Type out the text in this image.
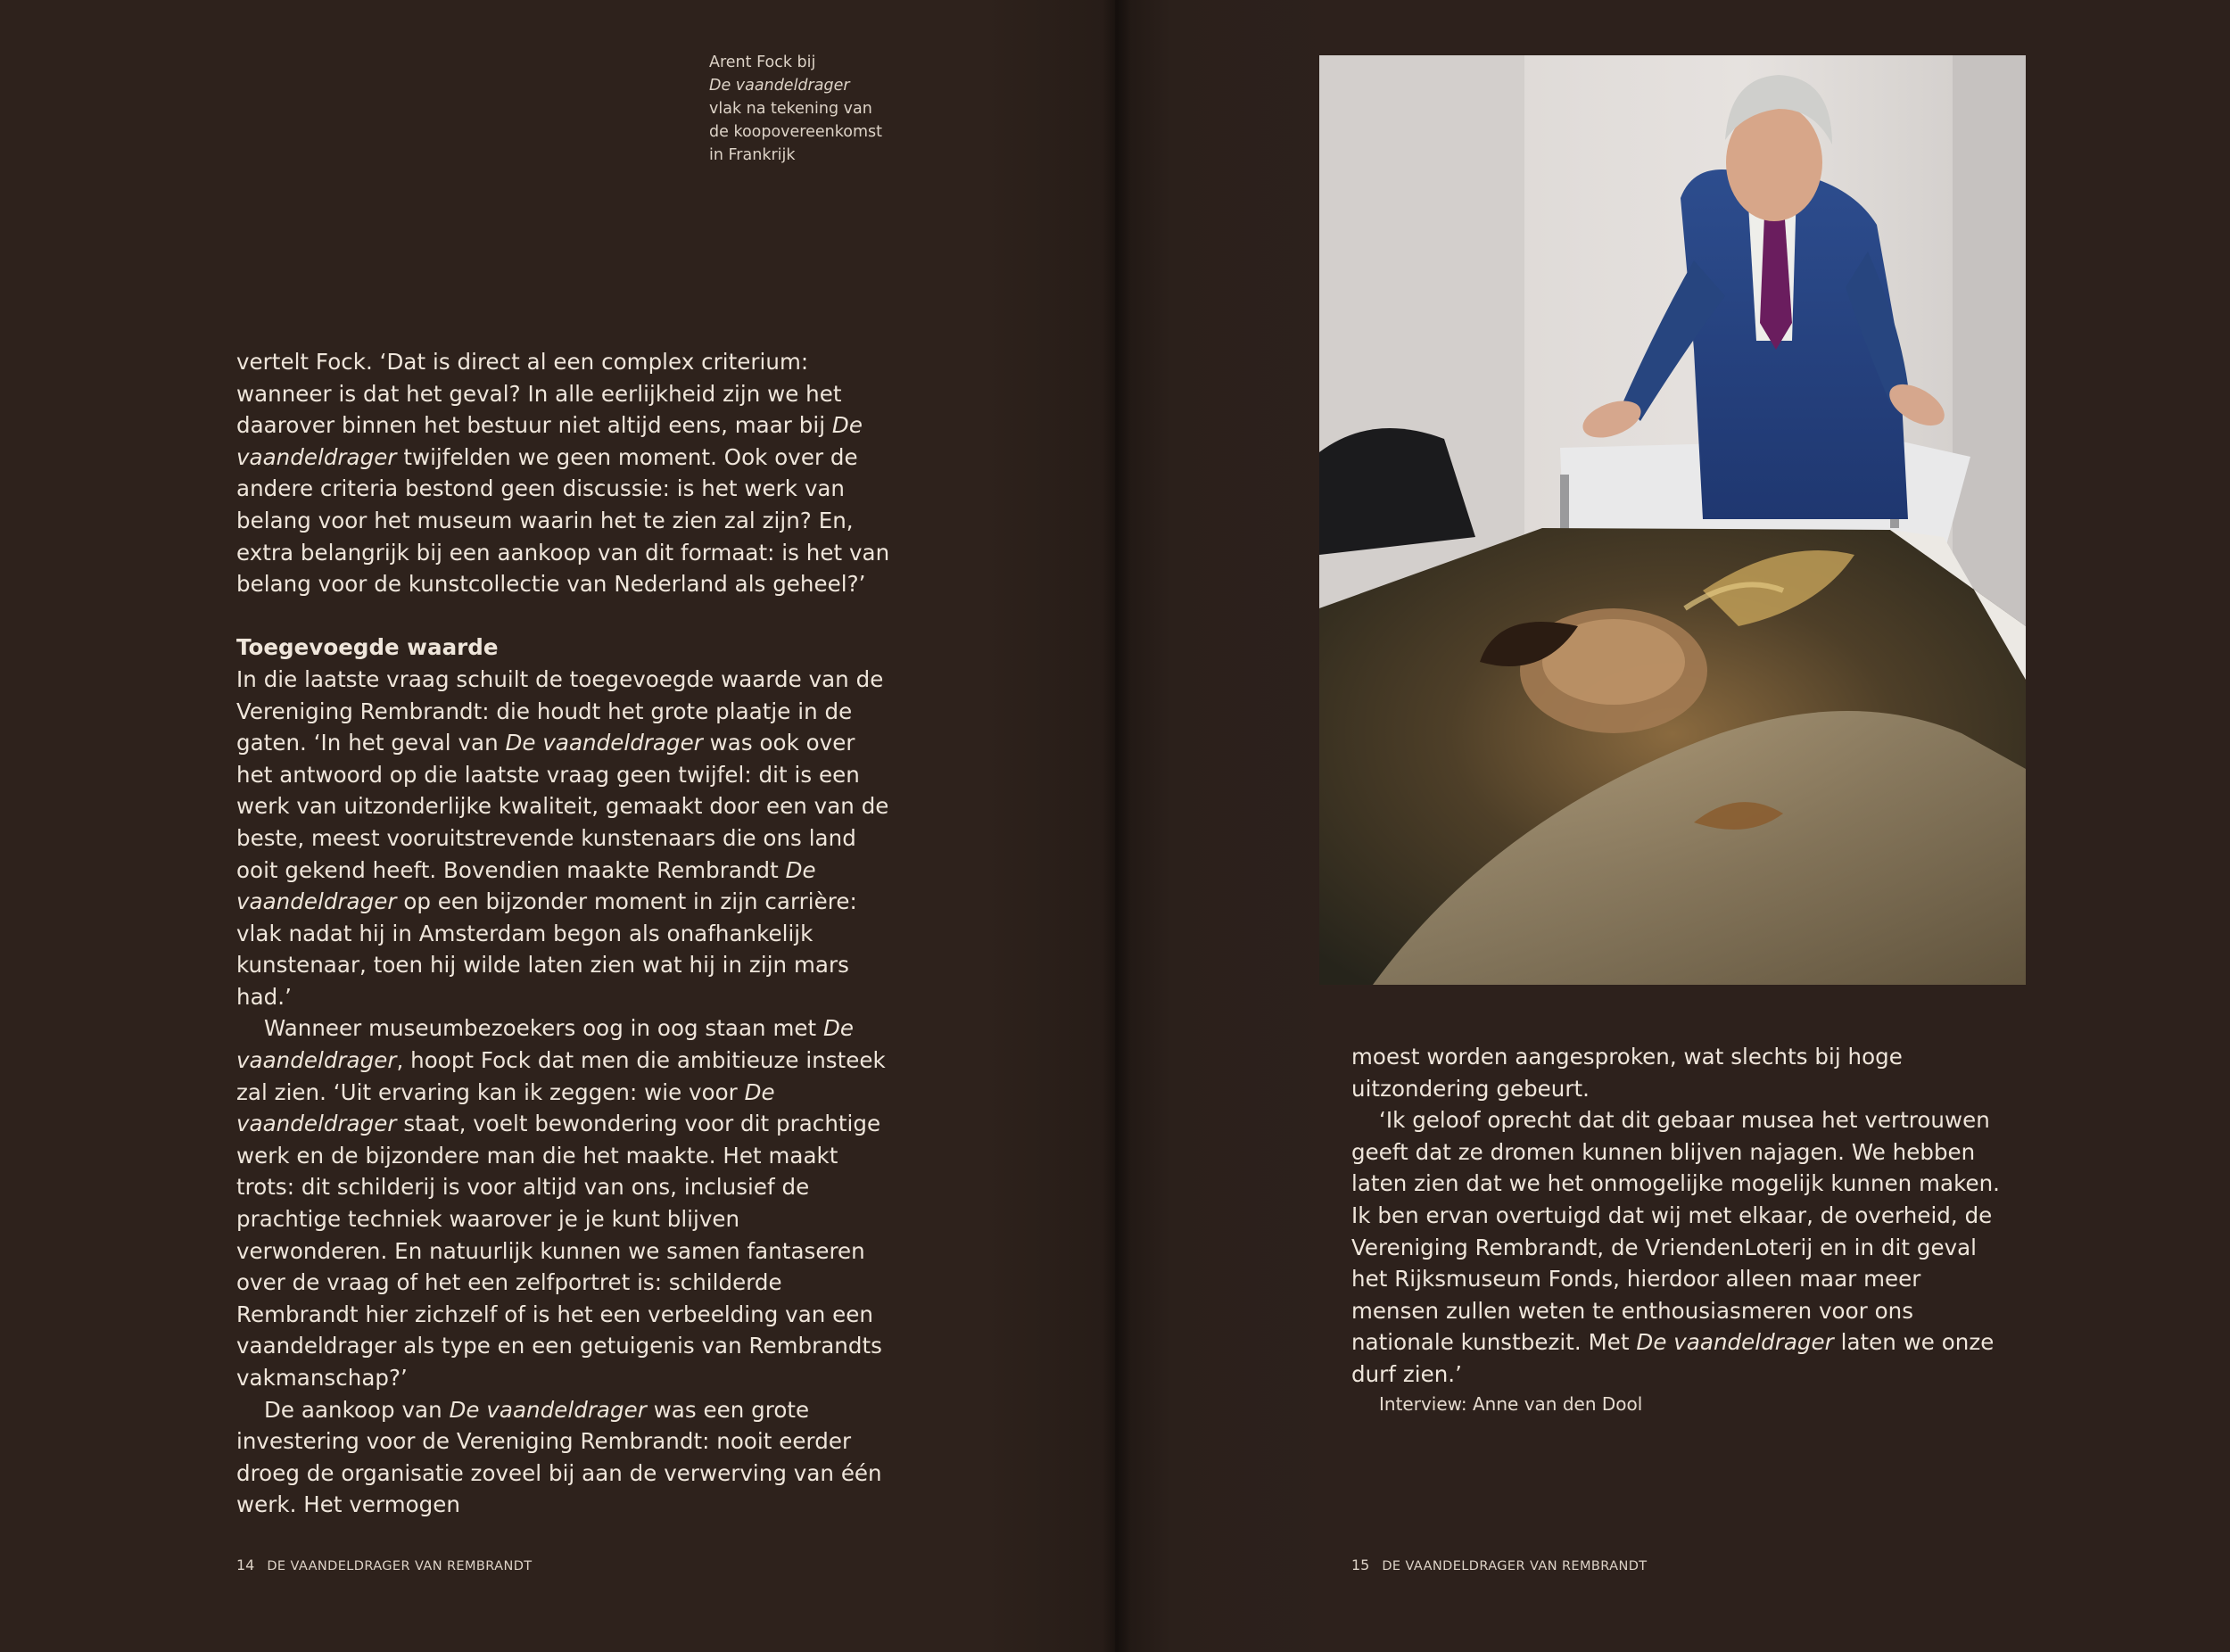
Arent Fock bij
De vaandeldrager
vlak na tekening van
de koopovereenkomst
in Frankrijk

vertelt Fock. ‘Dat is direct al een complex criterium: wanneer is dat het geval? In alle eerlijkheid zijn we het daarover binnen het bestuur niet altijd eens, maar bij De vaandeldrager twijfelden we geen moment. Ook over de andere criteria bestond geen discussie: is het werk van belang voor het museum waarin het te zien zal zijn? En, extra belangrijk bij een aankoop van dit formaat: is het van belang voor de kunstcollectie van Nederland als geheel?’

Toegevoegde waarde

In die laatste vraag schuilt de toegevoegde waarde van de Vereniging Rembrandt: die houdt het grote plaatje in de gaten. ‘In het geval van De vaandeldrager was ook over het antwoord op die laatste vraag geen twijfel: dit is een werk van uitzonderlijke kwaliteit, gemaakt door een van de beste, meest vooruitstrevende kunstenaars die ons land ooit gekend heeft. Bovendien maakte Rembrandt De vaandeldrager op een bijzonder moment in zijn carrière: vlak nadat hij in Amsterdam begon als onafhankelijk kunstenaar, toen hij wilde laten zien wat hij in zijn mars had.’

Wanneer museumbezoekers oog in oog staan met De vaandeldrager, hoopt Fock dat men die ambitieuze insteek zal zien. ‘Uit ervaring kan ik zeggen: wie voor De vaandeldrager staat, voelt bewondering voor dit prachtige werk en de bijzondere man die het maakte. Het maakt trots: dit schilderij is voor altijd van ons, inclusief de prachtige techniek waarover je je kunt blijven verwonderen. En natuurlijk kunnen we samen fantaseren over de vraag of het een zelfportret is: schilderde Rembrandt hier zichzelf of is het een verbeelding van een vaandeldrager als type en een getuigenis van Rembrandts vakmanschap?’

De aankoop van De vaandeldrager was een grote investering voor de Vereniging Rembrandt: nooit eerder droeg de organisatie zoveel bij aan de verwerving van één werk. Het vermogen

moest worden aangesproken, wat slechts bij hoge uitzondering gebeurt.

‘Ik geloof oprecht dat dit gebaar musea het vertrouwen geeft dat ze dromen kunnen blijven najagen. We hebben laten zien dat we het onmogelijke mogelijk kunnen maken. Ik ben ervan overtuigd dat wij met elkaar, de overheid, de Vereniging Rembrandt, de VriendenLoterij en in dit geval het Rijksmuseum Fonds, hierdoor alleen maar meer mensen zullen weten te enthousiasmeren voor ons nationale kunstbezit. Met De vaandeldrager laten we onze durf zien.’

Interview: Anne van den Dool
14 DE VAANDELDRAGER VAN REMBRANDT	15 DE VAANDELDRAGER VAN REMBRANDT
